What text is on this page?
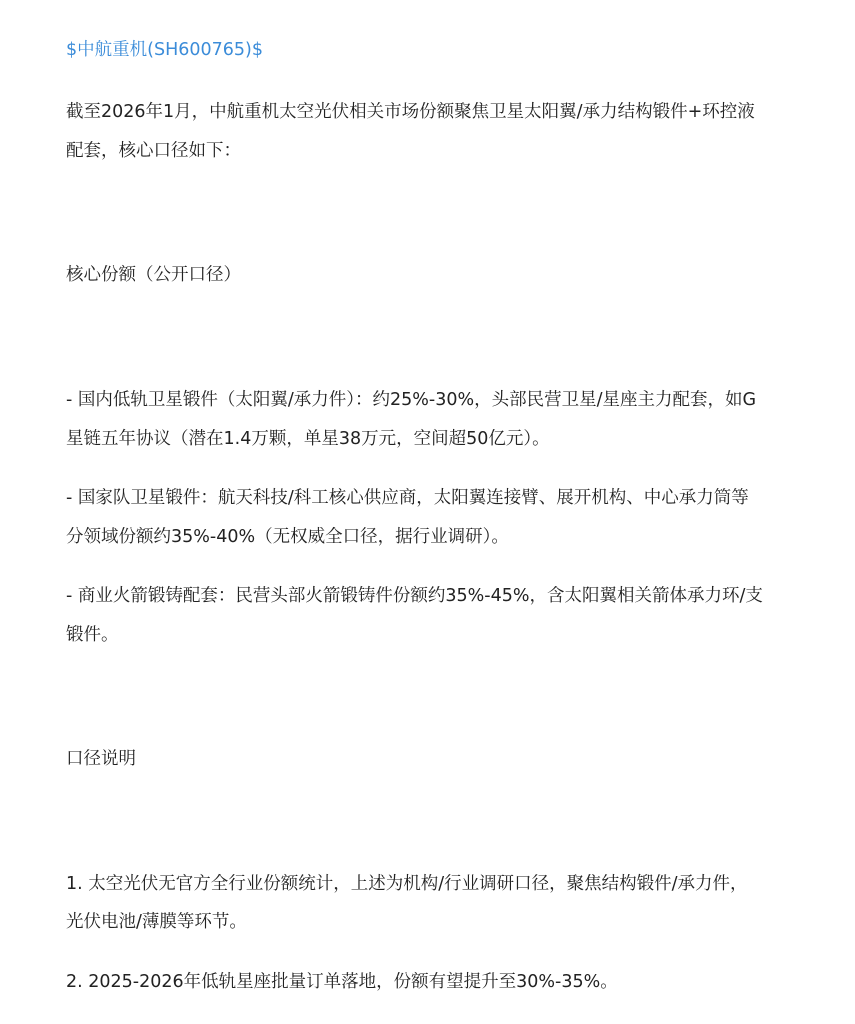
$中航重机(SH600765)$
截至2026年1月，中航重机太空光伏相关市场份额聚焦卫星太阳翼/承力结构锻件+环控液
配套，核心口径如下：
核心份额（公开口径）
- 国内低轨卫星锻件（太阳翼/承力件）：约25%-30%，头部民营卫星/星座主力配套，如G
星链五年协议（潜在1.4万颗，单星38万元，空间超50亿元）。
- 国家队卫星锻件：航天科技/科工核心供应商，太阳翼连接臂、展开机构、中心承力筒等
分领域份额约35%-40%（无权威全口径，据行业调研）。
- 商业火箭锻铸配套：民营头部火箭锻铸件份额约35%-45%，含太阳翼相关箭体承力环/支
锻件。
口径说明
1. 太空光伏无官方全行业份额统计，上述为机构/行业调研口径，聚焦结构锻件/承力件，
光伏电池/薄膜等环节。
2. 2025-2026年低轨星座批量订单落地，份额有望提升至30%-35%。
